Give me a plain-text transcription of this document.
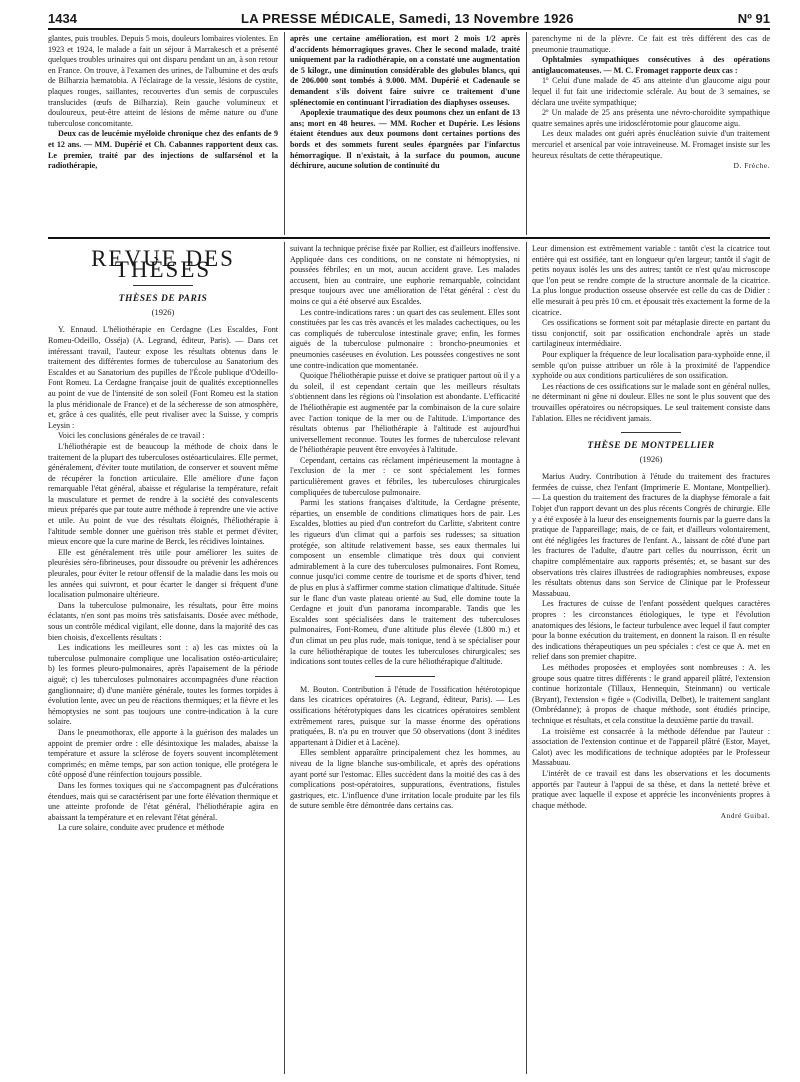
1434	LA PRESSE MÉDICALE, Samedi, 13 Novembre 1926	Nº 91

glantes, puis troubles. Depuis 5 mois, douleurs lombaires violentes. En 1923 et 1924, le malade a fait un séjour à Marrakesch et a présenté quelques troubles urinaires qui ont disparu pendant un an, à son retour en France. On trouve, à l'examen des urines, de l'albumine et des œufs de Bilharzia hæmatobia. A l'éclairage de la vessie, lésions de cystite, plaques rouges, saillantes, recouvertes d'un semis de corpuscules translucides (œufs de Bilharzia). Rein gauche volumineux et douloureux, peut-être atteint de lésions de même nature ou d'une tuberculose concomitante.

Deux cas de leucémie myéloïde chronique chez des enfants de 9 et 12 ans. — MM. Dupérié et Ch. Cabannes rapportent deux cas. Le premier, traité par des injections de sulfarsénol et la radiothérapie,

après une certaine amélioration, est mort 2 mois 1/2 après d'accidents hémorragiques graves. Chez le second malade, traité uniquement par la radiothérapie, on a constaté une augmentation de 5 kilogr., une diminution considérable des globules blancs, qui de 206.000 sont tombés à 9.000. MM. Dupérié et Cadenaule se demandent s'ils doivent faire suivre ce traitement d'une splénectomie en continuant l'irradiation des diaphyses osseuses.

Apoplexie traumatique des deux poumons chez un enfant de 13 ans; mort en 48 heures. — MM. Rocher et Dupérie. Les lésions étaient étendues aux deux poumons dont certaines portions des bords et des sommets furent seules épargnées par l'infarctus hémorragique. Il n'existait, à la surface du poumon, aucune déchirure, aucune solution de continuité du

parenchyme ni de la plèvre. Ce fait est très différent des cas de pneumonie traumatique.

Ophtalmies sympathiques consécutives à des opérations antiglaucomateuses. — M. C. Fromaget rapporte deux cas :

1º Celui d'une malade de 45 ans atteinte d'un glaucome aigu pour lequel il fut fait une iridectomie sclérale. Au bout de 3 semaines, se déclara une uvéite sympathique;

2º Un malade de 25 ans présenta une névro-choroïdite sympathique quatre semaines après une iridosclérotomie pour glaucome aigu.

Les deux malades ont guéri après énucléation suivie d'un traitement mercuriel et arsenical par voie intraveineuse. M. Fromaget insiste sur les heureux résultats de cette thérapeutique.

D. Frèche.
REVUE DES THÈSES
THÈSES DE PARIS
(1926)

Y. Ennaud. L'héliothérapie en Cerdagne (Les Escaldes, Font Romeu-Odeillo, Osséja) (A. Legrand, éditeur, Paris). — Dans cet intéressant travail, l'auteur expose les résultats obtenus dans le traitement des différentes formes de tuberculose au Sanatorium des Escaldes et au Sanatorium des pupilles de l'École publique d'Odeillo-Font Romeu. La Cerdagne française jouit de qualités exceptionnelles au point de vue de l'intensité de son soleil (Font Romeu est la station la plus méridionale de France) et de la sécheresse de son atmosphère, et, grâce à ces qualités, elle peut rivaliser avec la Suisse, y compris Leysin :

Voici les conclusions générales de ce travail :

L'héliothérapie est de beaucoup la méthode de choix dans le traitement de la plupart des tuberculoses ostéoarticulaires. Elle permet, généralement, d'éviter toute mutilation, de conserver et souvent même de récupérer la fonction articulaire. Elle améliore d'une façon remarquable l'état général, abaisse et régularise la température, refait la musculature et permet de rendre à la société des convalescents mieux préparés que par toute autre méthode à reprendre une vie active et utile. Au point de vue des résultats éloignés, l'héliothérapie à l'altitude semble donner une guérison très stable et permet d'éviter, mieux encore que la cure marine de Berck, les récidives lointaines.

Elle est généralement très utile pour améliorer les suites de pleurésies séro-fibrineuses, pour dissoudre ou prévenir les adhérences pleurales, pour éviter le retour offensif de la maladie dans les mois ou les années qui suivront, et pour écarter le danger si fréquent d'une localisation pulmonaire ultérieure.

Dans la tuberculose pulmonaire, les résultats, pour être moins éclatants, n'en sont pas moins très satisfaisants. Dosée avec méthode, sous un contrôle médical vigilant, elle donne, dans la majorité des cas bien choisis, d'excellents résultats :

Les indications les meilleures sont : a) les cas mixtes où la tuberculose pulmonaire complique une localisation ostéo-articulaire; b) les formes pleuro-pulmonaires, après l'apaisement de la période aiguë; c) les tuberculoses pulmonaires accompagnées d'une réaction ganglionnaire; d) d'une manière générale, toutes les formes torpides à évolution lente, avec un peu de réactions thermiques; et la fièvre et les hémoptysies ne sont pas toujours une contre-indication à la cure solaire.

Dans le pneumothorax, elle apporte à la guérison des malades un appoint de premier ordre : elle désintoxique les malades, abaisse la température et assure la sclérose de foyers souvent incomplètement comprimés; en même temps, par son action tonique, elle protégera le côté opposé d'une réinfection toujours possible.

Dans les formes toxiques qui ne s'accompagnent pas d'ulcérations étendues, mais qui se caractérisent par une forte élévation thermique et une atteinte profonde de l'état général, l'héliothérapie agira en abaissant la température et en relevant l'état général.

La cure solaire, conduite avec prudence et méthode

suivant la technique précise fixée par Rollier, est d'ailleurs inoffensive. Appliquée dans ces conditions, on ne constate ni hémoptysies, ni poussées fébriles; en un mot, aucun accident grave. Les malades accusent, bien au contraire, une euphorie remarquable, coïncidant presque toujours avec une amélioration de l'état général : c'est du moins ce qui a été observé aux Escaldes.

Les contre-indications rares : un quart des cas seulement. Elles sont constituées par les cas très avancés et les malades cachectiques, ou les cas compliqués de tuberculose intestinale grave; enfin, les formes aiguës de la tuberculose pulmonaire : broncho-pneumonies et pneumonies caséeuses en évolution. Les poussées congestives ne sont une contre-indication que momentanée.

Quoique l'héliothérapie puisse et doive se pratiquer partout où il y a du soleil, il est cependant certain que les meilleurs résultats s'obtiennent dans les régions où l'insolation est abondante. L'efficacité de l'héliothérapie est augmentée par la combinaison de la cure solaire avec l'action tonique de la mer ou de l'altitude. L'importance des résultats obtenus par l'héliothérapie à l'altitude est aujourd'hui universellement reconnue. Toutes les formes de tuberculose relevant de l'héliothérapie peuvent être envoyées à l'altitude.

Cependant, certains cas réclament impérieusement la montagne à l'exclusion de la mer : ce sont spécialement les formes particulièrement graves et fébriles, les tuberculoses chirurgicales compliquées de tuberculose pulmonaire.

Parmi les stations françaises d'altitude, la Cerdagne présente, réparties, un ensemble de conditions climatiques hors de pair. Les Escaldes, blotties au pied d'un contrefort du Carlitte, s'abritent contre les rigueurs d'un climat qui a parfois ses rudesses; sa situation protégée, son altitude relativement basse, ses eaux thermales lui composent un ensemble climatique très doux qui convient admirablement à la cure des tuberculoses pulmonaires. Font Romeu, connue jusqu'ici comme centre de tourisme et de sports d'hiver, tend de plus en plus à s'affirmer comme station climatique d'altitude. Située sur le flanc d'un vaste plateau orienté au Sud, elle domine toute la Cerdagne et jouit d'un panorama incomparable. Tandis que les Escaldes sont spécialisées dans le traitement des tuberculoses pulmonaires, Font-Romeu, d'une altitude plus élevée (1.800 m.) et d'un climat un peu plus rude, mais tonique, tend à se spécialiser pour la cure héliothérapique de toutes les tuberculoses chirurgicales; ses indications sont toutes celles de la cure héliothérapique d'altitude.

M. Bouton. Contribution à l'étude de l'ossification hétérotopique dans les cicatrices opératoires (A. Legrand, éditeur, Paris). — Les ossifications hétérotypiques dans les cicatrices opératoires semblent extrêmement rares, puisque sur la masse énorme des opérations pratiquées, B. n'a pu en trouver que 50 observations (dont 3 inédites appartenant à Didier et à Lacène).

Elles semblent apparaître principalement chez les hommes, au niveau de la ligne blanche sus-ombilicale, et après des opérations ayant porté sur l'estomac. Elles succèdent dans la moitié des cas à des complications post-opératoires, suppurations, éventrations, fistules gastriques, etc. L'influence d'une irritation locale produite par les fils de suture semble être démontrée dans certains cas.

Leur dimension est extrêmement variable : tantôt c'est la cicatrice tout entière qui est ossifiée, tant en longueur qu'en largeur; tantôt il s'agit de petits noyaux isolés les uns des autres; tantôt ce n'est qu'au microscope que l'on peut se rendre compte de la structure anormale de la cicatrice. La plus longue production osseuse observée est celle du cas de Didier : elle mesurait à peu près 10 cm. et épousait très exactement la forme de la cicatrice.

Ces ossifications se forment soit par métaplasie directe en partant du tissu conjonctif, soit par ossification enchondrale après un stade cartilagineux intermédiaire.

Pour expliquer la fréquence de leur localisation para-xyphoïde enne, il semble qu'on puisse attribuer un rôle à la proximité de l'appendice xyphoïde ou aux conditions particulières de son ossification.

Les réactions de ces ossifications sur le malade sont en général nulles, ne déterminant ni gêne ni douleur. Elles ne sont le plus souvent que des trouvailles opératoires ou nécropsiques. Le seul traitement consiste dans l'ablation. Elles ne récidivent jamais.

THÈSE DE MONTPELLIER
(1926)

Marius Audry. Contribution à l'étude du traitement des fractures fermées de cuisse, chez l'enfant (Imprimerie E. Montane, Montpellier). — La question du traitement des fractures de la diaphyse fémorale a fait l'objet d'un rapport devant un des plus récents Congrès de chirurgie. Elle y a été exposée à la lueur des enseignements fournis par la guerre dans la pratique de l'appareillage; mais, de ce fait, et d'ailleurs volontairement, ont été négligées les fractures de l'enfant. A., laissant de côté d'une part les fractures de l'adulte, d'autre part celles du nourrisson, écrit un chapitre complémentaire aux rapports présentés; et, se basant sur des observations très claires illustrées de radiographies nombreuses, expose les résultats obtenus dans son Service de Clinique par le Professeur Massabuau.

Les fractures de cuisse de l'enfant possèdent quelques caractères propres : les circonstances étiologiques, le type et l'évolution anatomiques des lésions, le facteur turbulence avec lequel il faut compter pour la bonne exécution du traitement, en donnent la raison. Il en résulte des indications thérapeutiques un peu spéciales : c'est ce que A. met en relief dans son premier chapitre.

Les méthodes proposées et employées sont nombreuses : A. les groupe sous quatre titres différents : le grand appareil plâtré, l'extension continue horizontale (Tillaux, Hennequin, Steinmann) ou verticale (Bryant), l'extension « figée » (Codivilla, Delbet), le traitement sanglant (Ombrédanne); à propos de chaque méthode, sont étudiés principe, technique et résultats, et cela constitue la deuxième partie du travail.

La troisième est consacrée à la méthode défendue par l'auteur : association de l'extension continue et de l'appareil plâtré (Estor, Mayet, Calot) avec les modifications de technique adoptées par le Professeur Massabuau.

L'intérêt de ce travail est dans les observations et les documents apportés par l'auteur à l'appui de sa thèse, et dans la netteté brève et pratique avec laquelle il expose et apprécie les inconvénients propres à chaque méthode.

André Guibal.
